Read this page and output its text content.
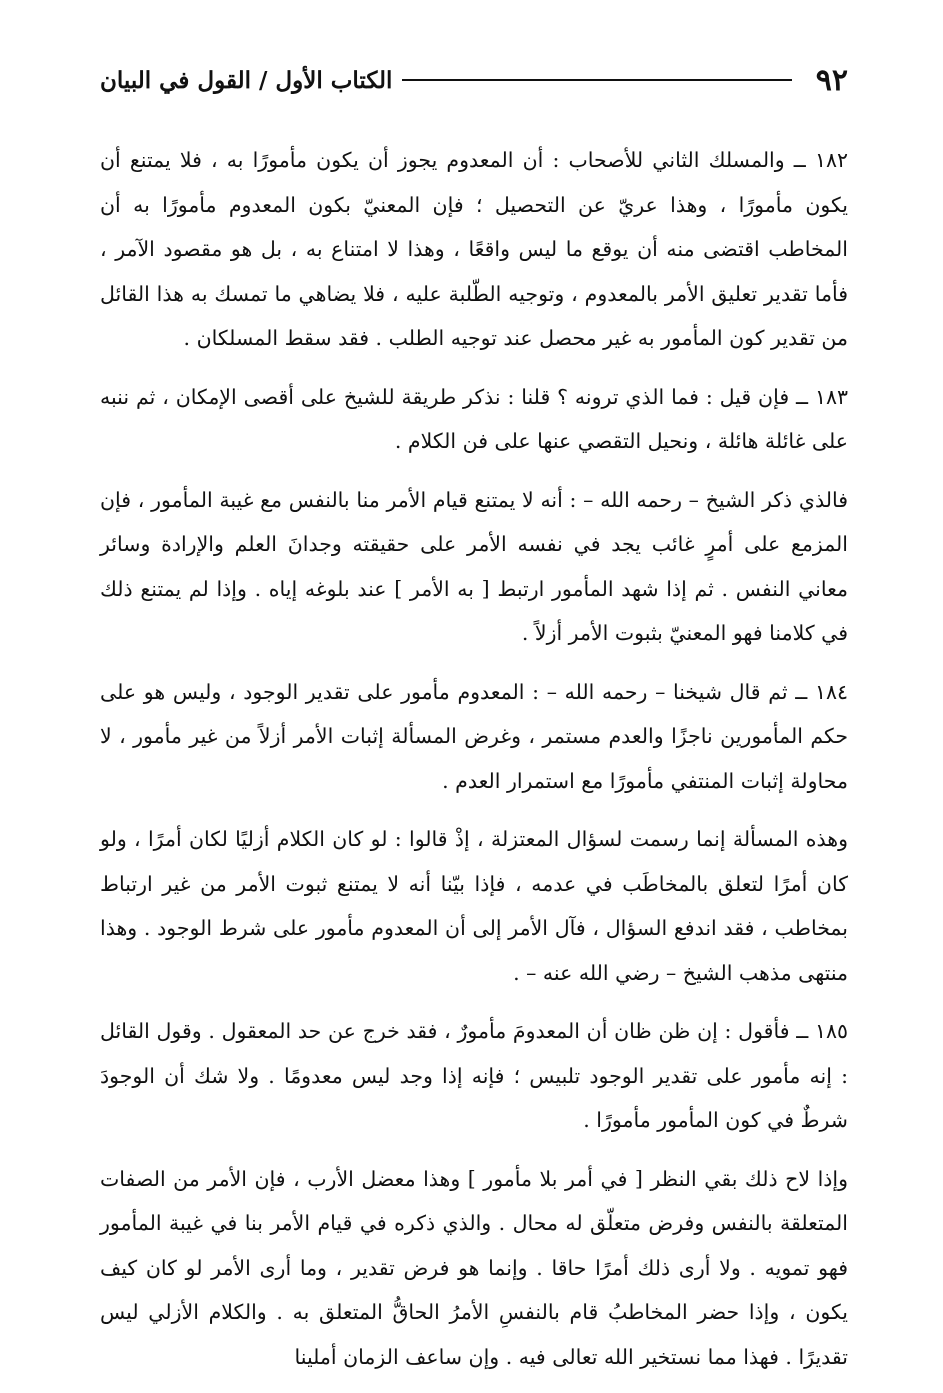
٩٢
الكتاب الأول / القول في البيان

١٨٢ ــ والمسلك الثاني للأصحاب : أن المعدوم يجوز أن يكون مأمورًا به ، فلا يمتنع أن يكون مأمورًا ، وهذا عريّ عن التحصيل ؛ فإن المعنيّ بكون المعدوم مأمورًا به أن المخاطب اقتضى منه أن يوقع ما ليس واقعًا ، وهذا لا امتناع به ، بل هو مقصود الآمر ، فأما تقدير تعليق الأمر بالمعدوم ، وتوجيه الطّلبة عليه ، فلا يضاهي ما تمسك به هذا القائل من تقدير كون المأمور به غير محصل عند توجيه الطلب . فقد سقط المسلكان .

١٨٣ ــ فإن قيل : فما الذي ترونه ؟ قلنا : نذكر طريقة للشيخ على أقصى الإمكان ، ثم ننبه على غائلة هائلة ، ونحيل التقصي عنها على فن الكلام .

فالذي ذكر الشيخ – رحمه الله – : أنه لا يمتنع قيام الأمر منا بالنفس مع غيبة المأمور ، فإن المزمع على أمرٍ غائب يجد في نفسه الأمر على حقيقته وجدانَ العلم والإرادة وسائر معاني النفس . ثم إذا شهد المأمور ارتبط [ به الأمر ] عند بلوغه إياه . وإذا لم يمتنع ذلك في كلامنا فهو المعنيّ بثبوت الأمر أزلاً .

١٨٤ ــ ثم قال شيخنا – رحمه الله – : المعدوم مأمور على تقدير الوجود ، وليس هو على حكم المأمورين ناجزًا والعدم مستمر ، وغرض المسألة إثبات الأمر أزلاً من غير مأمور ، لا محاولة إثبات المنتفي مأمورًا مع استمرار العدم .

وهذه المسألة إنما رسمت لسؤال المعتزلة ، إذْ قالوا : لو كان الكلام أزليًا لكان أمرًا ، ولو كان أمرًا لتعلق بالمخاطَب في عدمه ، فإذا بيّنا أنه لا يمتنع ثبوت الأمر من غير ارتباط بمخاطب ، فقد اندفع السؤال ، فآل الأمر إلى أن المعدوم مأمور على شرط الوجود . وهذا منتهى مذهب الشيخ – رضي الله عنه – .

١٨٥ ــ فأقول : إن ظن ظان أن المعدومَ مأمورٌ ، فقد خرج عن حد المعقول . وقول القائل : إنه مأمور على تقدير الوجود تلبيس ؛ فإنه إذا وجد ليس معدومًا . ولا شك أن الوجودَ شرطٌ في كون المأمور مأمورًا .

وإذا لاح ذلك بقي النظر [ في أمر بلا مأمور ] وهذا معضل الأرب ، فإن الأمر من الصفات المتعلقة بالنفس وفرض متعلّق له محال . والذي ذكره في قيام الأمر بنا في غيبة المأمور فهو تمويه . ولا أرى ذلك أمرًا حاقا . وإنما هو فرض تقدير ، وما أرى الأمر لو كان كيف يكون ، وإذا حضر المخاطبُ قام بالنفسِ الأمرُ الحاقُّ المتعلق به . والكلام الأزلي ليس تقديرًا . فهذا مما نستخير الله تعالى فيه . وإن ساعف الزمان أملينا
